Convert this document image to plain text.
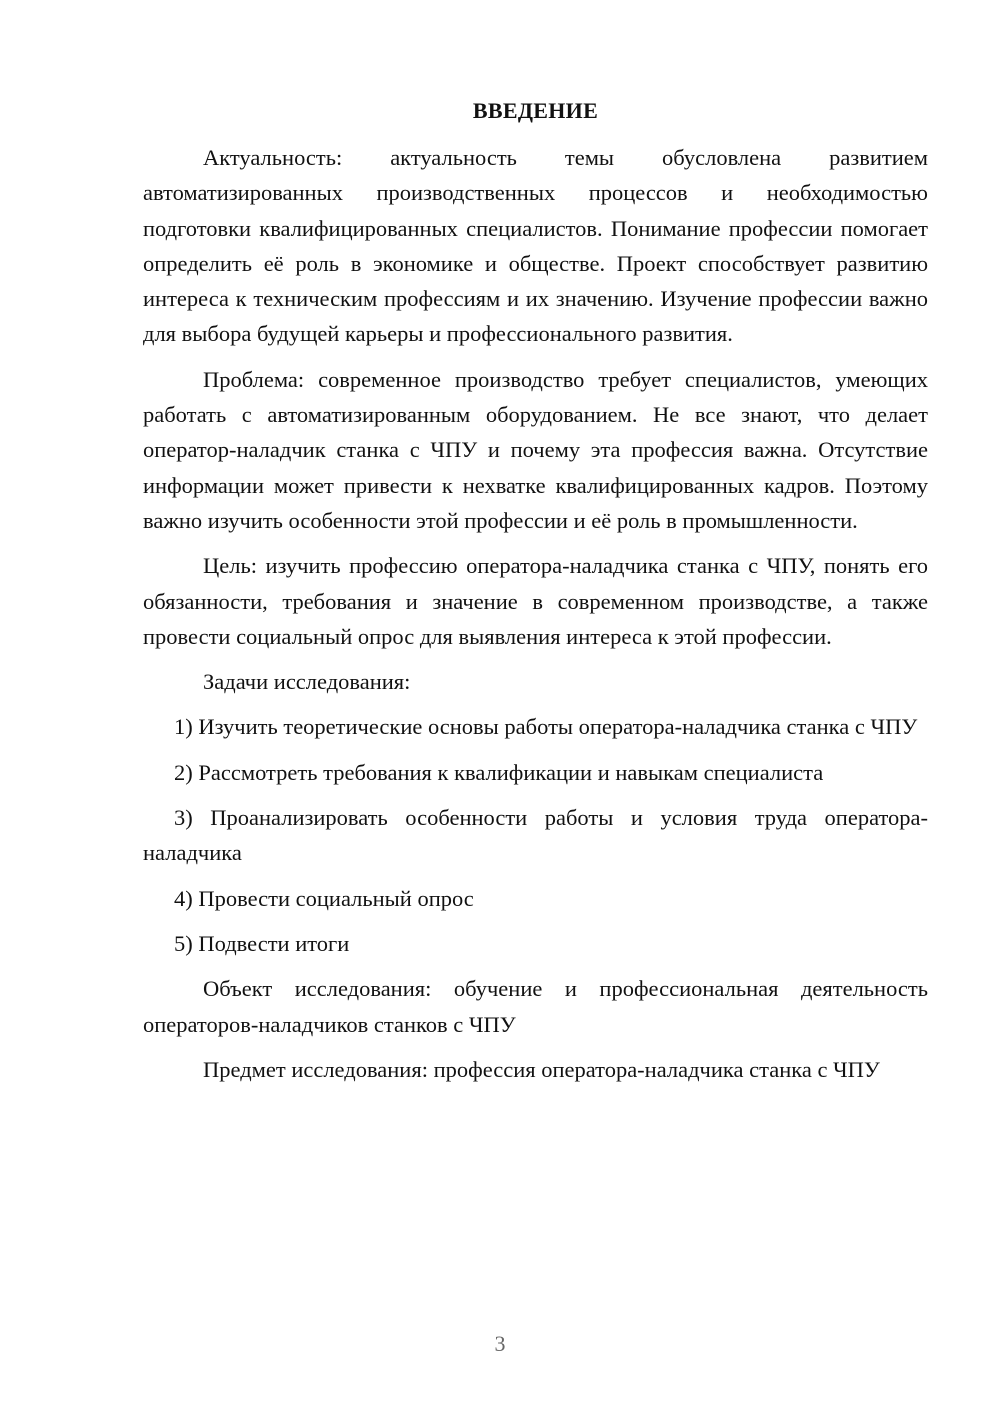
ВВЕДЕНИЕ

Актуальность: актуальность темы обусловлена развитием автоматизированных производственных процессов и необходимостью подготовки квалифицированных специалистов. Понимание профессии помогает определить её роль в экономике и обществе. Проект способствует развитию интереса к техническим профессиям и их значению. Изучение профессии важно для выбора будущей карьеры и профессионального развития.

Проблема: современное производство требует специалистов, умеющих работать с автоматизированным оборудованием. Не все знают, что делает оператор-наладчик станка с ЧПУ и почему эта профессия важна. Отсутствие информации может привести к нехватке квалифицированных кадров. Поэтому важно изучить особенности этой профессии и её роль в промышленности.

Цель: изучить профессию оператора-наладчика станка с ЧПУ, понять его обязанности, требования и значение в современном производстве, а также провести социальный опрос для выявления интереса к этой профессии.

Задачи исследования:

1) Изучить теоретические основы работы оператора-наладчика станка с ЧПУ

2) Рассмотреть требования к квалификации и навыкам специалиста

3) Проанализировать особенности работы и условия труда оператора-наладчика

4) Провести социальный опрос

5) Подвести итоги

Объект исследования: обучение и профессиональная деятельность операторов-наладчиков станков с ЧПУ

Предмет исследования: профессия оператора-наладчика станка с ЧПУ

3
